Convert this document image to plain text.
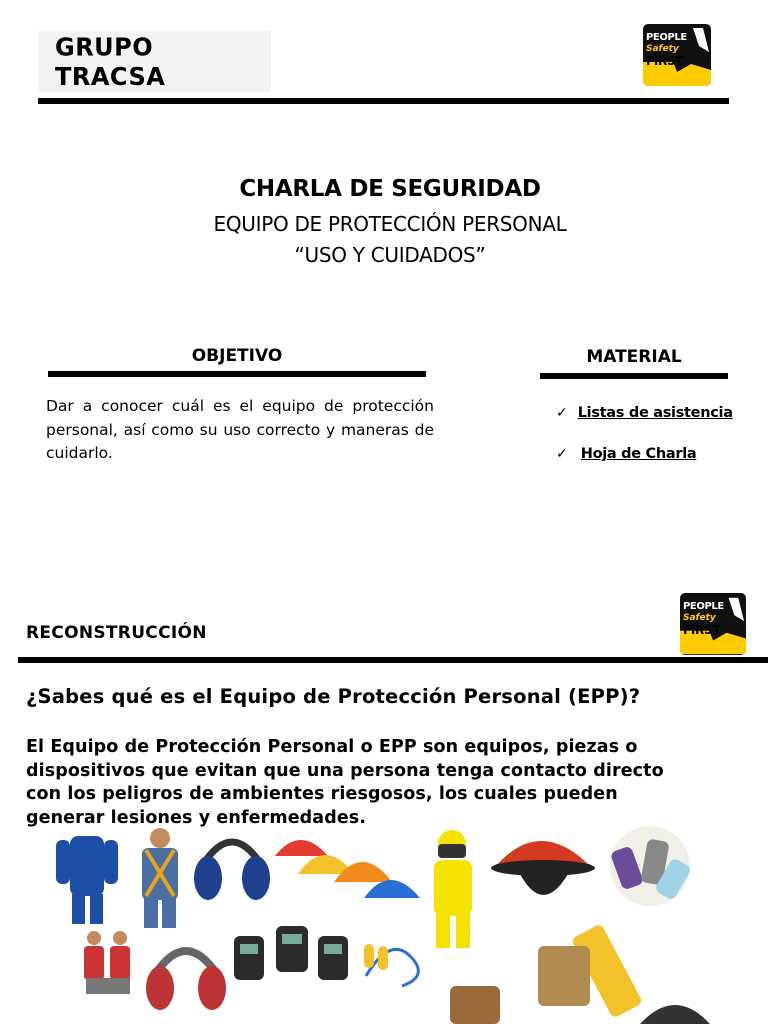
GRUPO TRACSA
PEOPLE
Safety
FIRST
CHARLA DE SEGURIDAD
EQUIPO DE PROTECCIÓN PERSONAL
“USO Y CUIDADOS”
OBJETIVO
Dar a conocer cuál es el equipo de protección personal, así como su uso correcto y maneras de cuidarlo.
MATERIAL
✓ Listas de asistencia
✓ Hoja de Charla
PEOPLE
Safety
FIRST
RECONSTRUCCIÓN
¿Sabes qué es el Equipo de Protección Personal (EPP)?
El Equipo de Protección Personal o EPP son equipos, piezas o
dispositivos que evitan que una persona tenga contacto directo
con los peligros de ambientes riesgosos, los cuales pueden
generar lesiones y enfermedades.
